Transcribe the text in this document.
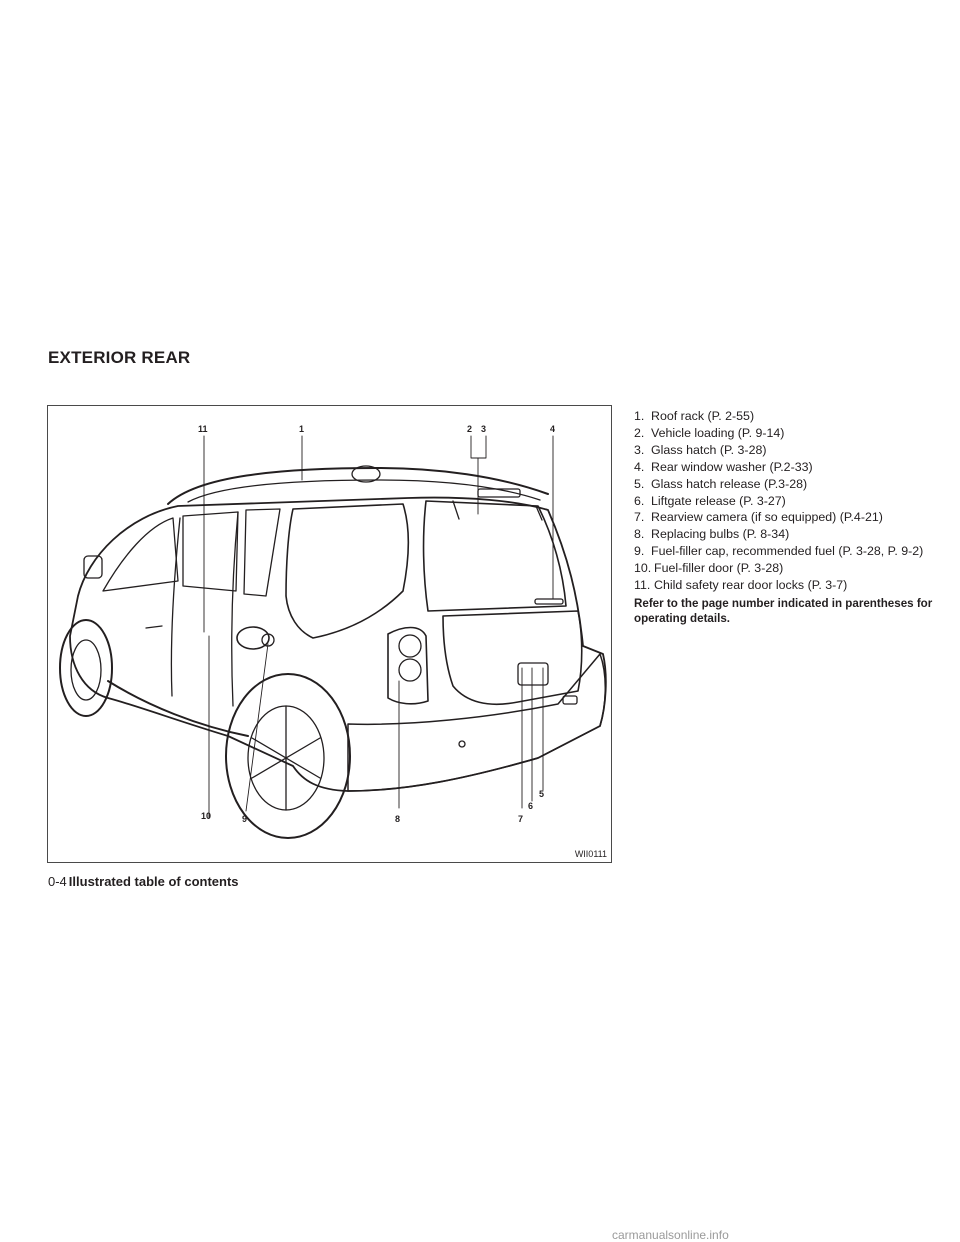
EXTERIOR REAR
11	1	2 3	4
5
6
7
8
9
10
WII0111
1. Roof rack (P. 2-55)
2. Vehicle loading (P. 9-14)
3. Glass hatch (P. 3-28)
4. Rear window washer (P.2-33)
5. Glass hatch release (P.3-28)
6. Liftgate release (P. 3-27)
7. Rearview camera (if so equipped) (P.4-21)
8. Replacing bulbs (P. 8-34)
9. Fuel-filler cap, recommended fuel (P. 3-28, P. 9-2)
10. Fuel-filler door (P. 3-28)
11. Child safety rear door locks (P. 3-7)
Refer to the page number indicated in parentheses for operating details.
0-4 Illustrated table of contents
carmanualsonline.info
